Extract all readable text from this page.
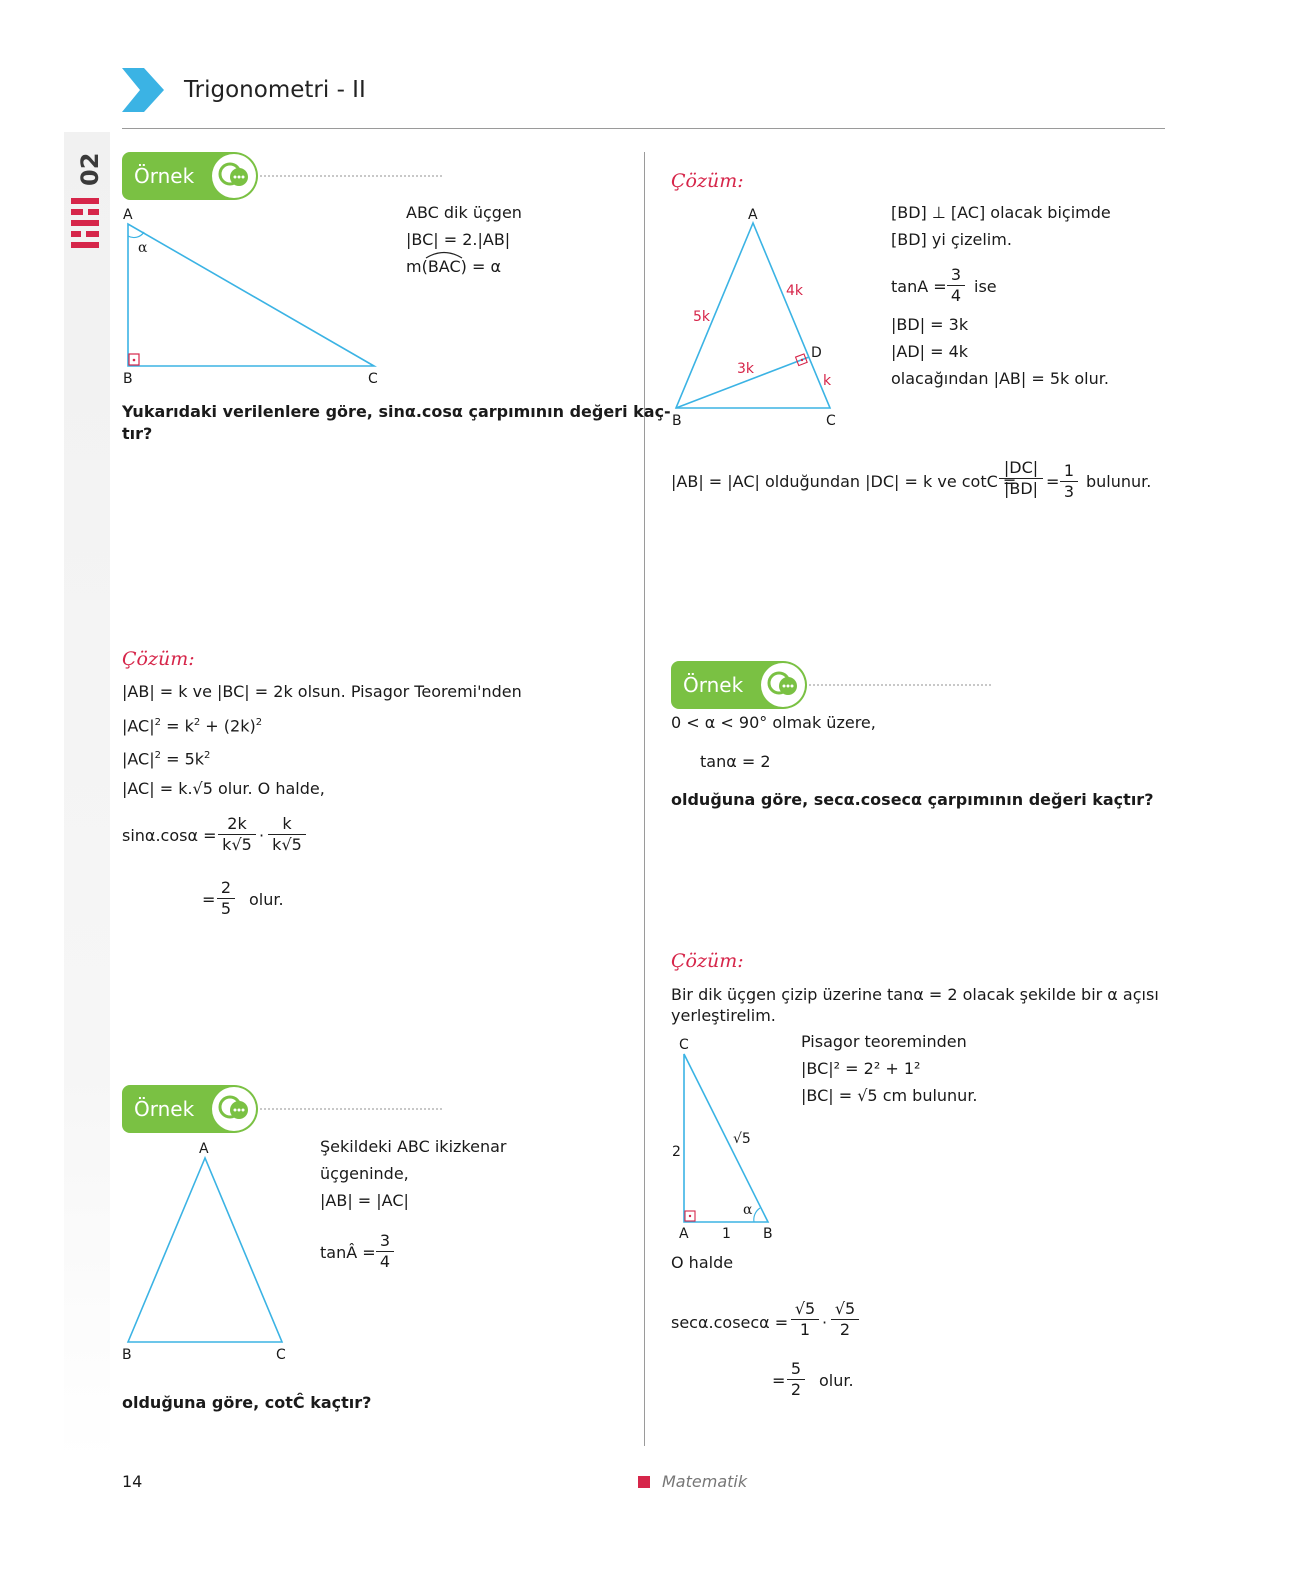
Trigonometri - II
02 Örnek
A
α
B	C
ABC dik üçgen
|BC| = 2.|AB|
m(BAC) = α
Yukarıdaki verilenlere göre, sinα.cosα çarpımının değeri kaç-
tır?
Çözüm:
|AB| = k ve |BC| = 2k olsun. Pisagor Teoremi'nden
$|AC|^2 = k^2 + (2k)^2$
$|AC|^2 = 5k^2$
|AC| = k.√5 olur. O halde,
$\sin\alpha.\cos\alpha = \frac{2k}{k√5} \cdot \frac{k}{k√5}$
= $\frac{2}{5}$ olur.
Örnek
A
B	C
Şekildeki ABC ikizkenar
üçgeninde,
|AB| = |AC|
tanÂ = $\frac{3}{4}$
olduğuna göre, cotĈ kaçtır?
Çözüm:
A
B	C
D
5k
4k
3k
k
[BD] ⊥ [AC] olacak biçimde
[BD] yi çizelim.
$\tan A = \frac{3}{4}$ ise
|BD| = 3k
|AD| = 4k
olacağından |AB| = 5k olur.
|AB| = |AC| olduğundan |DC| = k ve cotC =
$\frac{|DC|}{|BD|} = \frac{1}{3}$ bulunur.
Örnek
0 < α < 90° olmak üzere,
tanα = 2
olduğuna göre, secα.cosecα çarpımının değeri kaçtır?
Çözüm:
Bir dik üçgen çizip üzerine tanα = 2 olacak şekilde bir α açısı
yerleştirelim.
C
2
√5
α
A 1 B
Pisagor teoreminden
|BC|² = 2² + 1²
|BC| = √5 cm bulunur.
O halde
$\sec\alpha.cosec\alpha = \frac{√5}{1} \cdot \frac{√5}{2}$
= $\frac{5}{2}$ olur.
14	Matematik
